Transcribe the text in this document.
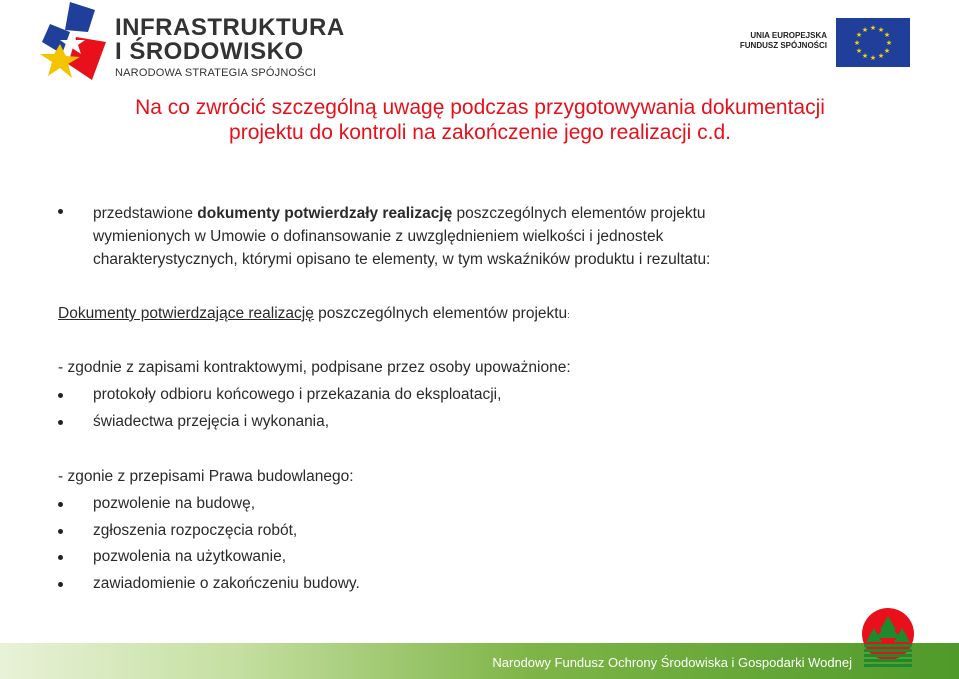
INFRASTRUKTURA
I ŚRODOWISKO
NARODOWA STRATEGIA SPÓJNOŚCI
UNIA EUROPEJSKA
FUNDUSZ SPÓJNOŚCI
★ ★
★
★
★
★
★
★
★
★
★
★
Na co zwrócić szczególną uwagę podczas przygotowywania dokumentacji
projektu do kontroli na zakończenie jego realizacji c.d.
przedstawione dokumenty potwierdzały realizację poszczególnych elementów projektu
wymienionych w Umowie o dofinansowanie z uwzględnieniem wielkości i jednostek
charakterystycznych, którymi opisano te elementy, w tym wskaźników produktu i rezultatu:
Dokumenty potwierdzające realizację poszczególnych elementów projektu:
- zgodnie z zapisami kontraktowymi, podpisane przez osoby upoważnione:
protokoły odbioru końcowego i przekazania do eksploatacji,
świadectwa przejęcia i wykonania,
- zgonie z przepisami Prawa budowlanego:
pozwolenie na budowę,
zgłoszenia rozpoczęcia robót,
pozwolenia na użytkowanie,
zawiadomienie o zakończeniu budowy.
Narodowy Fundusz Ochrony Środowiska i Gospodarki Wodnej
